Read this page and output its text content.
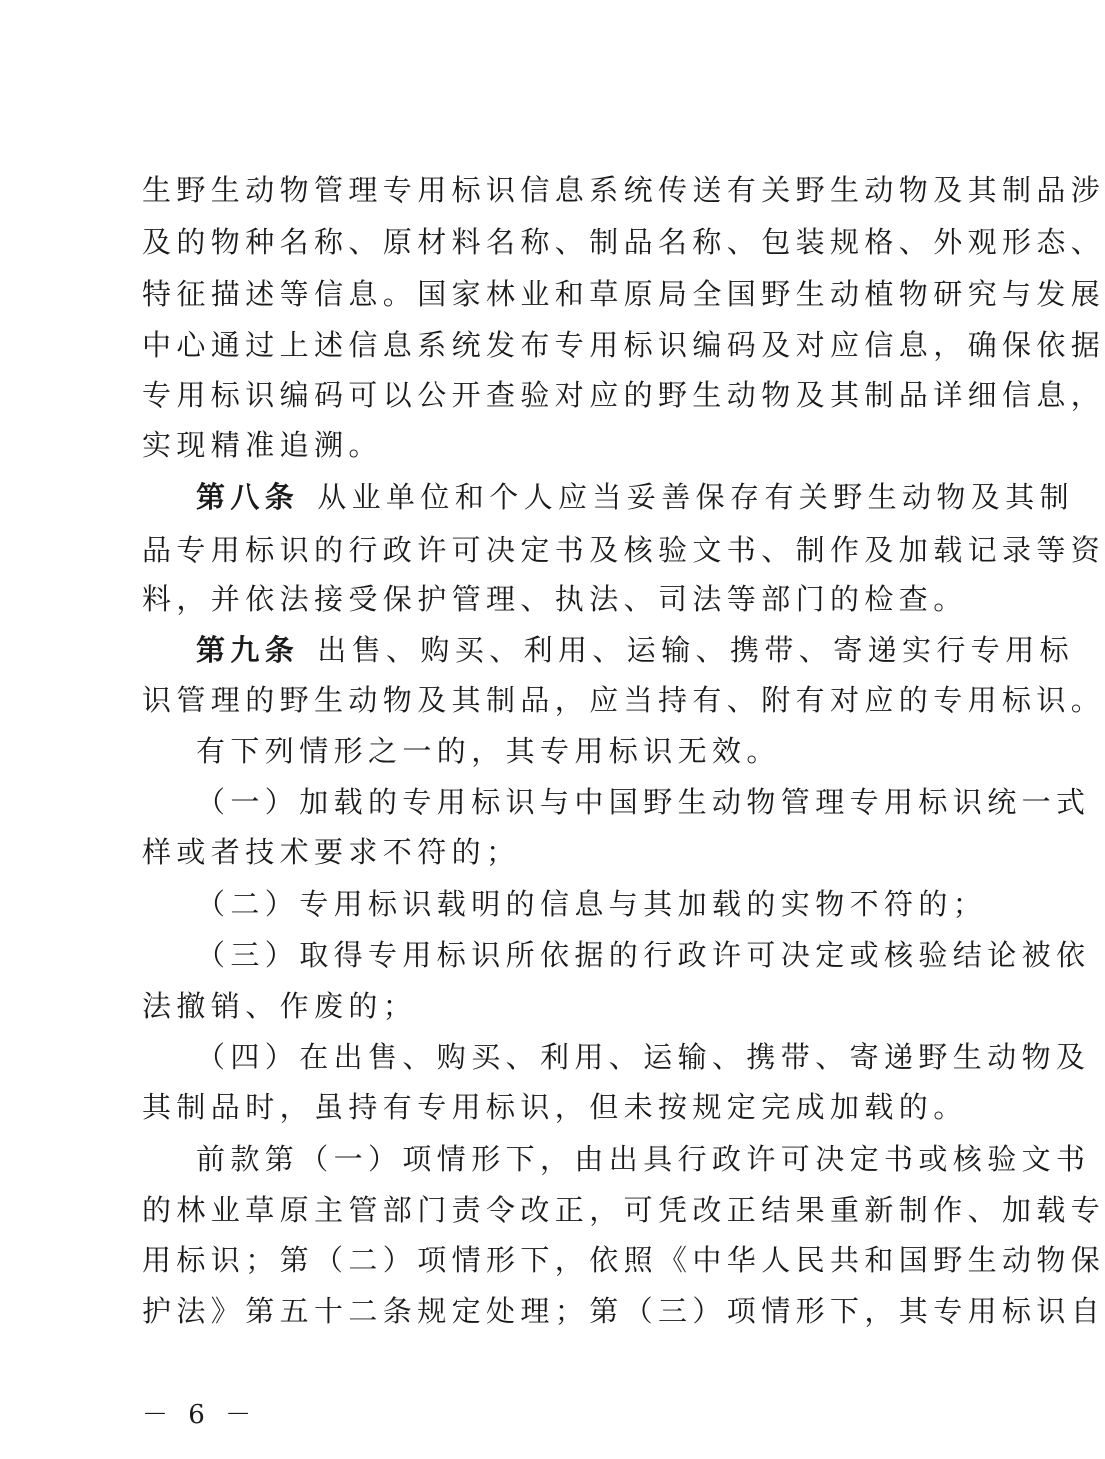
生野生动物管理专用标识信息系统传送有关野生动物及其制品涉
及的物种名称、原材料名称、制品名称、包装规格、外观形态、
特征描述等信息。国家林业和草原局全国野生动植物研究与发展
中心通过上述信息系统发布专用标识编码及对应信息，确保依据
专用标识编码可以公开查验对应的野生动物及其制品详细信息，
实现精准追溯。
第八条 从业单位和个人应当妥善保存有关野生动物及其制
品专用标识的行政许可决定书及核验文书、制作及加载记录等资
料，并依法接受保护管理、执法、司法等部门的检查。
第九条 出售、购买、利用、运输、携带、寄递实行专用标
识管理的野生动物及其制品，应当持有、附有对应的专用标识。
有下列情形之一的，其专用标识无效。
（一）加载的专用标识与中国野生动物管理专用标识统一式
样或者技术要求不符的；
（二）专用标识载明的信息与其加载的实物不符的；
（三）取得专用标识所依据的行政许可决定或核验结论被依
法撤销、作废的；
（四）在出售、购买、利用、运输、携带、寄递野生动物及
其制品时，虽持有专用标识，但未按规定完成加载的。
前款第（一）项情形下，由出具行政许可决定书或核验文书
的林业草原主管部门责令改正，可凭改正结果重新制作、加载专
用标识；第（二）项情形下，依照《中华人民共和国野生动物保
护法》第五十二条规定处理；第（三）项情形下，其专用标识自
－ 6 －
